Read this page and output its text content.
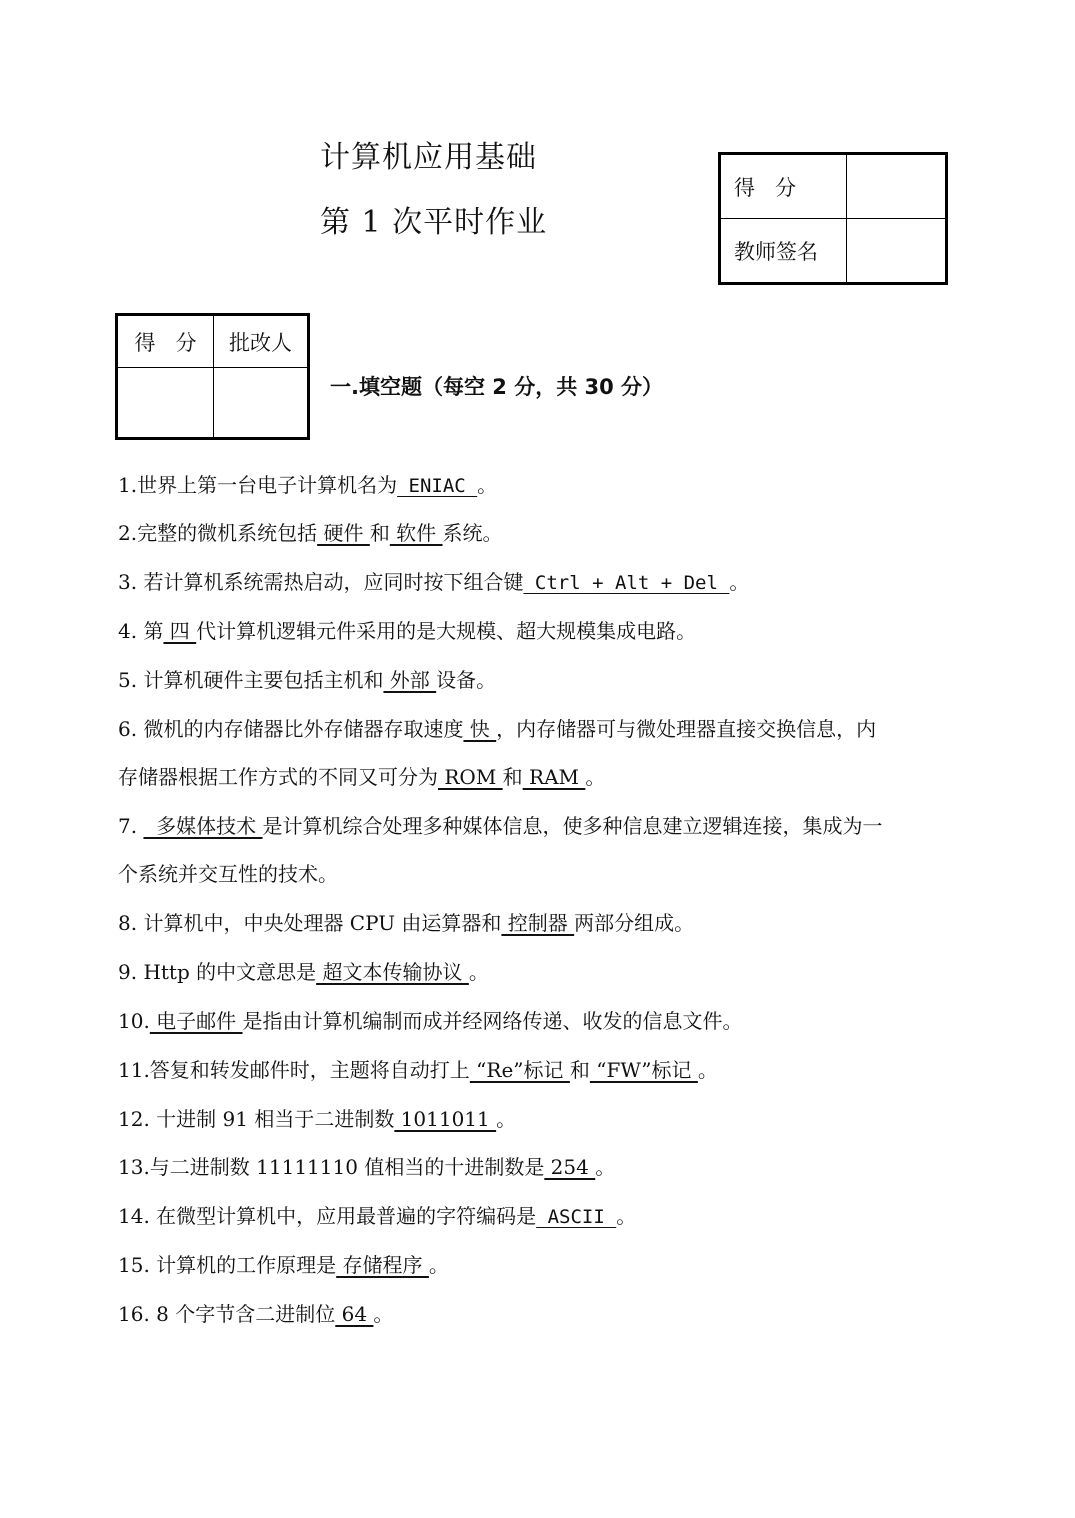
计算机应用基础
第 1 次平时作业
得   分	
教师签名	
得   分	批改人

一.填空题（每空 2 分，共 30 分）
1.世界上第一台电子计算机名为 ENIAC 。
2.完整的微机系统包括 硬件 和 软件 系统。
3. 若计算机系统需热启动，应同时按下组合键 Ctrl + Alt + Del 。
4. 第 四 代计算机逻辑元件采用的是大规模、超大规模集成电路。
5. 计算机硬件主要包括主机和 外部 设备。
6. 微机的内存储器比外存储器存取速度 快 ，内存储器可与微处理器直接交换信息，内
存储器根据工作方式的不同又可分为 ROM 和 RAM 。
7.   多媒体技术 是计算机综合处理多种媒体信息，使多种信息建立逻辑连接，集成为一
个系统并交互性的技术。
8. 计算机中，中央处理器 CPU 由运算器和 控制器 两部分组成。
9. Http 的中文意思是 超文本传输协议 。
10. 电子邮件 是指由计算机编制而成并经网络传递、收发的信息文件。
11.答复和转发邮件时，主题将自动打上 “Re”标记 和 “FW”标记 。
12. 十进制 91 相当于二进制数 1011011 。
13.与二进制数 11111110 值相当的十进制数是 254 。
14. 在微型计算机中，应用最普遍的字符编码是 ASCII 。
15. 计算机的工作原理是 存储程序 。
16. 8 个字节含二进制位 64 。
